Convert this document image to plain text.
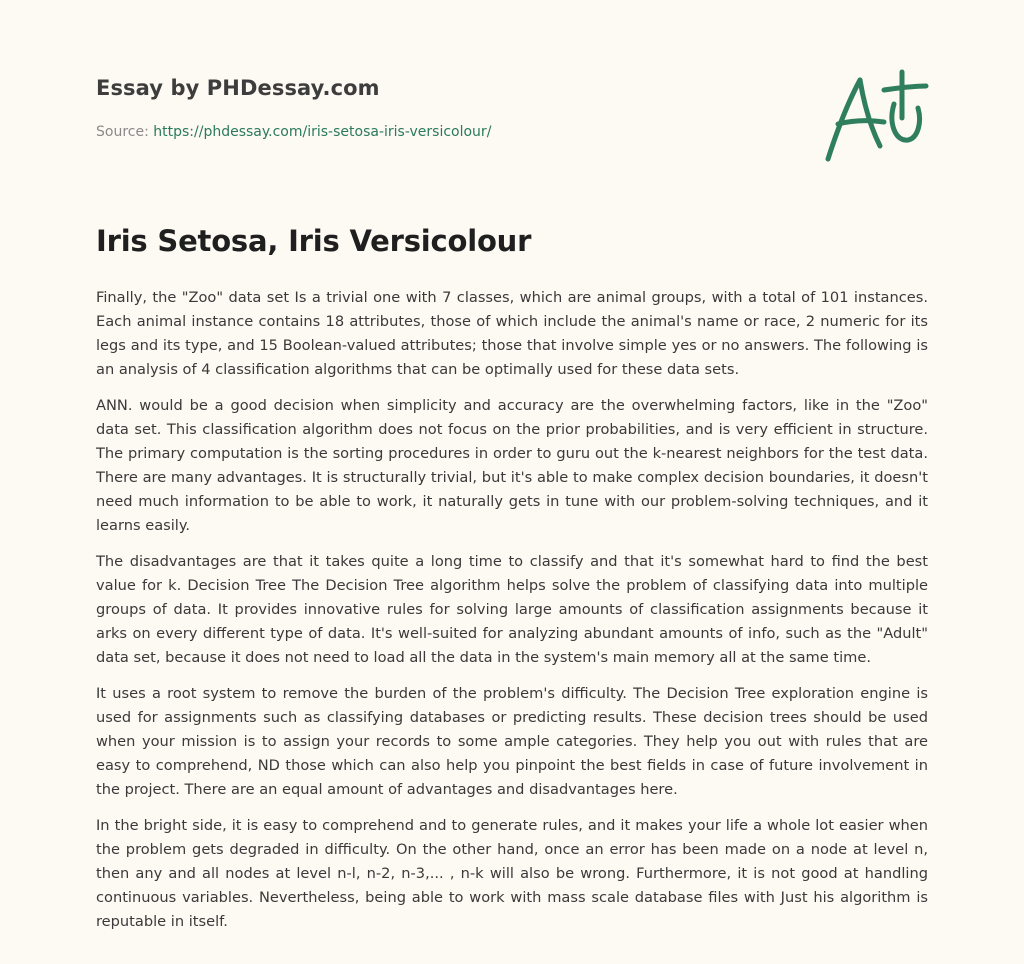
Essay by PHDessay.com
Source: https://phdessay.com/iris-setosa-iris-versicolour/
Iris Setosa, Iris Versicolour

Finally, the "Zoo" data set Is a trivial one with 7 classes, which are animal groups, with a total of 101 instances. Each animal instance contains 18 attributes, those of which include the animal's name or race, 2 numeric for its legs and its type, and 15 Boolean-valued attributes; those that involve simple yes or no answers. The following is an analysis of 4 classification algorithms that can be optimally used for these data sets.

ANN. would be a good decision when simplicity and accuracy are the overwhelming factors, like in the "Zoo" data set. This classification algorithm does not focus on the prior probabilities, and is very efficient in structure. The primary computation is the sorting procedures in order to guru out the k-nearest neighbors for the test data. There are many advantages. It is structurally trivial, but it's able to make complex decision boundaries, it doesn't need much information to be able to work, it naturally gets in tune with our problem-solving techniques, and it learns easily.

The disadvantages are that it takes quite a long time to classify and that it's somewhat hard to find the best value for k. Decision Tree The Decision Tree algorithm helps solve the problem of classifying data into multiple groups of data. It provides innovative rules for solving large amounts of classification assignments because it arks on every different type of data. It's well-suited for analyzing abundant amounts of info, such as the "Adult" data set, because it does not need to load all the data in the system's main memory all at the same time.

It uses a root system to remove the burden of the problem's difficulty. The Decision Tree exploration engine is used for assignments such as classifying databases or predicting results. These decision trees should be used when your mission is to assign your records to some ample categories. They help you out with rules that are easy to comprehend, ND those which can also help you pinpoint the best fields in case of future involvement in the project. There are an equal amount of advantages and disadvantages here.

In the bright side, it is easy to comprehend and to generate rules, and it makes your life a whole lot easier when the problem gets degraded in difficulty. On the other hand, once an error has been made on a node at level n, then any and all nodes at level n-l, n-2, n-3,... , n-k will also be wrong. Furthermore, it is not good at handling continuous variables. Nevertheless, being able to work with mass scale database files with Just his algorithm is reputable in itself.
